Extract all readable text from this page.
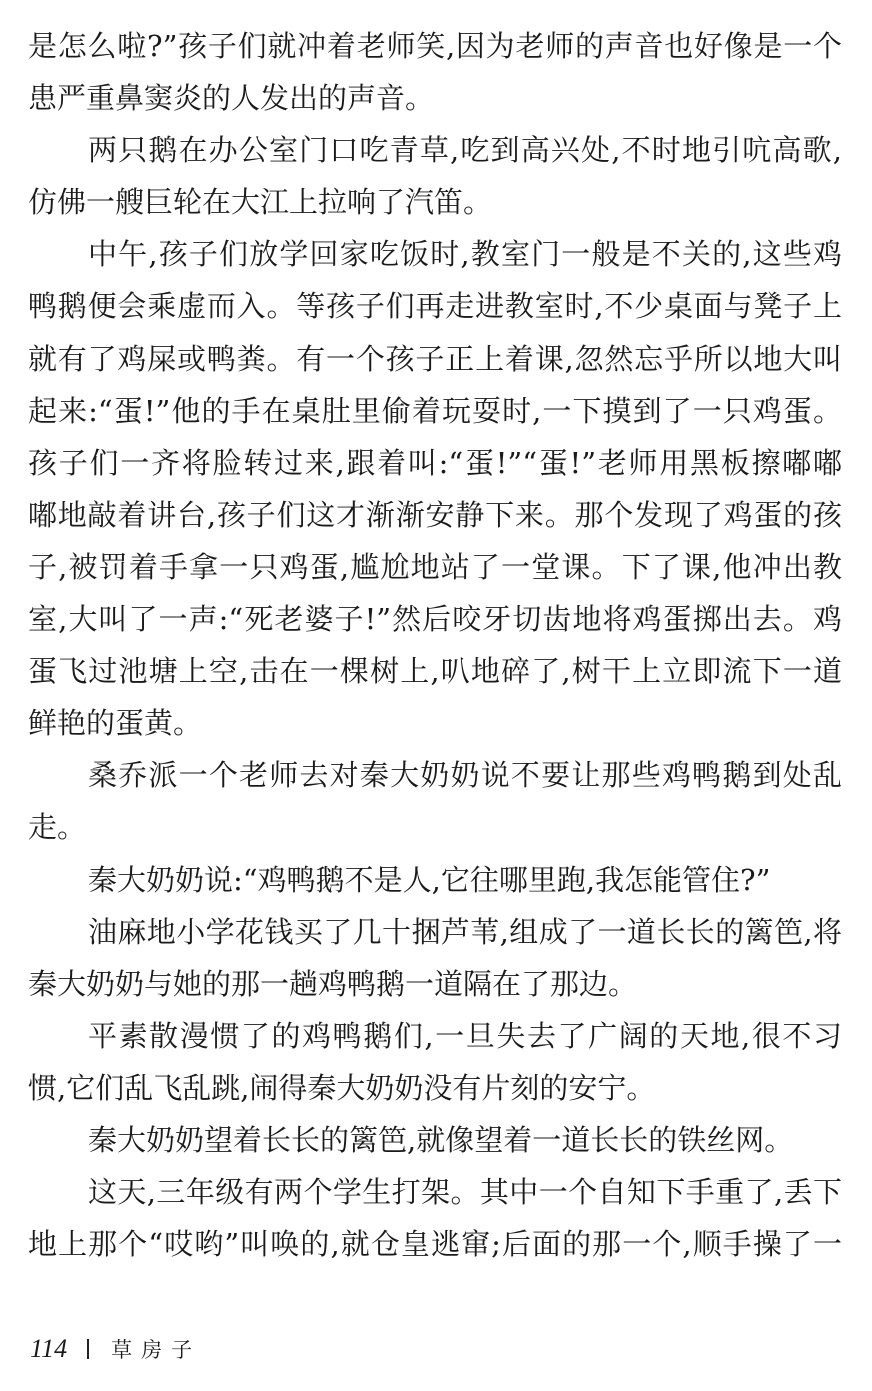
是怎么啦?”孩子们就冲着老师笑,因为老师的声音也好像是一个
患严重鼻窦炎的人发出的声音。
两只鹅在办公室门口吃青草,吃到高兴处,不时地引吭高歌,
仿佛一艘巨轮在大江上拉响了汽笛。
中午,孩子们放学回家吃饭时,教室门一般是不关的,这些鸡
鸭鹅便会乘虚而入。等孩子们再走进教室时,不少桌面与凳子上
就有了鸡屎或鸭粪。有一个孩子正上着课,忽然忘乎所以地大叫
起来:“蛋!”他的手在桌肚里偷着玩耍时,一下摸到了一只鸡蛋。
孩子们一齐将脸转过来,跟着叫:“蛋!”“蛋!”老师用黑板擦嘟嘟
嘟地敲着讲台,孩子们这才渐渐安静下来。那个发现了鸡蛋的孩
子,被罚着手拿一只鸡蛋,尴尬地站了一堂课。下了课,他冲出教
室,大叫了一声:“死老婆子!”然后咬牙切齿地将鸡蛋掷出去。鸡
蛋飞过池塘上空,击在一棵树上,叭地碎了,树干上立即流下一道
鲜艳的蛋黄。
桑乔派一个老师去对秦大奶奶说不要让那些鸡鸭鹅到处乱
走。
秦大奶奶说:“鸡鸭鹅不是人,它往哪里跑,我怎能管住?”
油麻地小学花钱买了几十捆芦苇,组成了一道长长的篱笆,将
秦大奶奶与她的那一趟鸡鸭鹅一道隔在了那边。
平素散漫惯了的鸡鸭鹅们,一旦失去了广阔的天地,很不习
惯,它们乱飞乱跳,闹得秦大奶奶没有片刻的安宁。
秦大奶奶望着长长的篱笆,就像望着一道长长的铁丝网。
这天,三年级有两个学生打架。其中一个自知下手重了,丢下
地上那个“哎哟”叫唤的,就仓皇逃窜;后面的那一个,顺手操了一
114 草房子
